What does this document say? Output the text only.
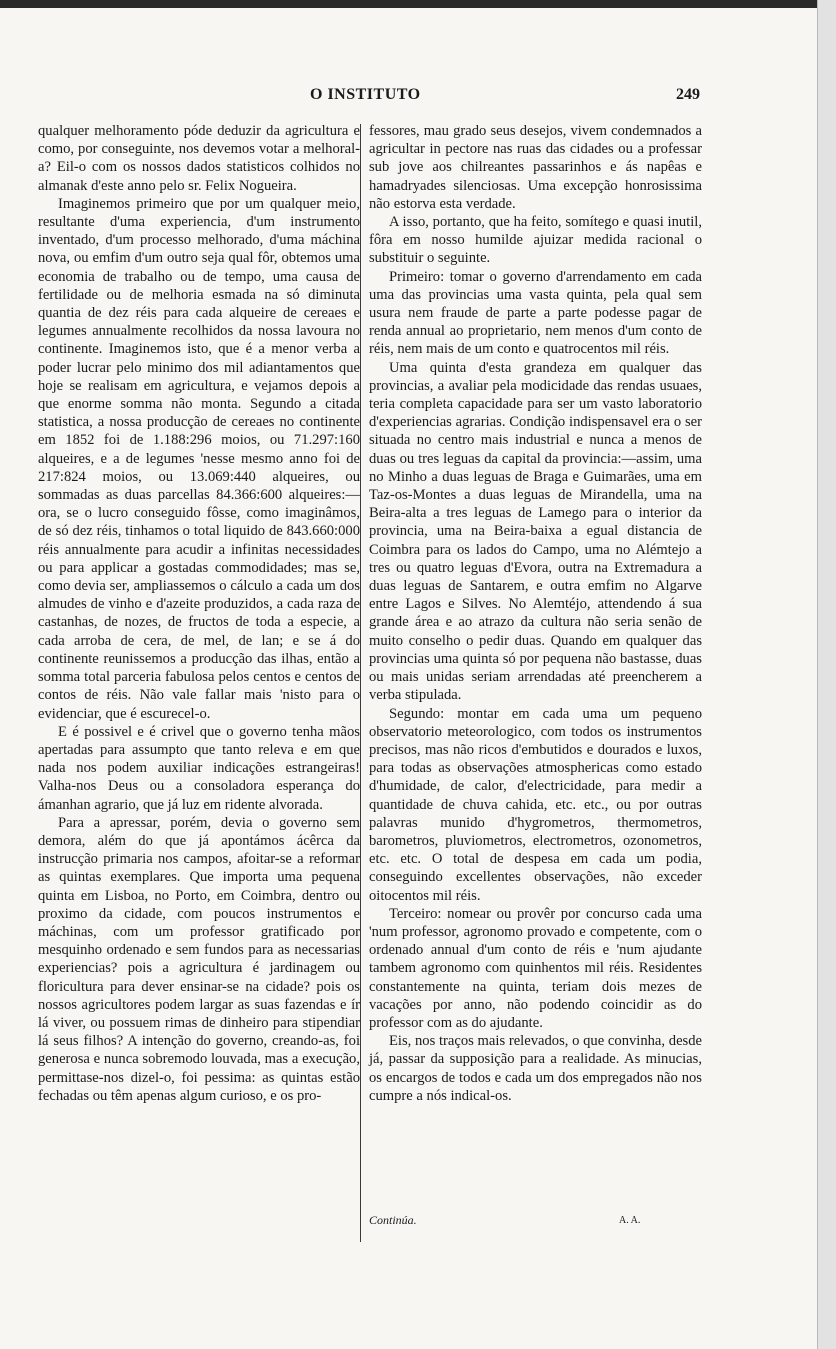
O INSTITUTO	249

qualquer melhoramento póde deduzir da agricultura e como, por conseguinte, nos devemos votar a melhoral-a? Eil-o com os nossos dados statisticos colhidos no almanak d'este anno pelo sr. Felix Nogueira.

Imaginemos primeiro que por um qualquer meio, resultante d'uma experiencia, d'um instrumento inventado, d'um processo melhorado, d'uma máchina nova, ou emfim d'um outro seja qual fôr, obtemos uma economia de trabalho ou de tempo, uma causa de fertilidade ou de melhoria esmada na só diminuta quantia de dez réis para cada alqueire de cereaes e legumes annualmente recolhidos da nossa lavoura no continente. Imaginemos isto, que é a menor verba a poder lucrar pelo minimo dos mil adiantamentos que hoje se realisam em agricultura, e vejamos depois a que enorme somma não monta. Segundo a citada statistica, a nossa producção de cereaes no continente em 1852 foi de 1.188:296 moios, ou 71.297:160 alqueires, e a de legumes 'nesse mesmo anno foi de 217:824 moios, ou 13.069:440 alqueires, ou sommadas as duas parcellas 84.366:600 alqueires:—ora, se o lucro conseguido fôsse, como imaginâmos, de só dez réis, tinhamos o total liquido de 843.660:000 réis annualmente para acudir a infinitas necessidades ou para applicar a gostadas commodidades; mas se, como devia ser, ampliassemos o cálculo a cada um dos almudes de vinho e d'azeite produzidos, a cada raza de castanhas, de nozes, de fructos de toda a especie, a cada arroba de cera, de mel, de lan; e se á do continente reunissemos a producção das ilhas, então a somma total parceria fabulosa pelos centos e centos de contos de réis. Não vale fallar mais 'nisto para o evidenciar, que é escurecel-o.

E é possivel e é crivel que o governo tenha mãos apertadas para assumpto que tanto releva e em que nada nos podem auxiliar indicações estrangeiras! Valha-nos Deus ou a consoladora esperança do ámanhan agrario, que já luz em ridente alvorada.

Para a apressar, porém, devia o governo sem demora, além do que já apontámos ácêrca da instrucção primaria nos campos, afoitar-se a reformar as quintas exemplares. Que importa uma pequena quinta em Lisboa, no Porto, em Coimbra, dentro ou proximo da cidade, com poucos instrumentos e máchinas, com um professor gratificado por mesquinho ordenado e sem fundos para as necessarias experiencias? pois a agricultura é jardinagem ou floricultura para dever ensinar-se na cidade? pois os nossos agricultores podem largar as suas fazendas e ír lá viver, ou possuem rimas de dinheiro para stipendiar lá seus filhos? A intenção do governo, creando-as, foi generosa e nunca sobremodo louvada, mas a execução, permittase-nos dizel-o, foi pessima: as quintas estão fechadas ou têm apenas algum curioso, e os pro-

fessores, mau grado seus desejos, vivem condemnados a agricultar in pectore nas ruas das cidades ou a professar sub jove aos chilreantes passarinhos e ás napêas e hamadryades silenciosas. Uma excepção honrosissima não estorva esta verdade.

A isso, portanto, que ha feito, somítego e quasi inutil, fôra em nosso humilde ajuizar medida racional o substituir o seguinte.

Primeiro: tomar o governo d'arrendamento em cada uma das provincias uma vasta quinta, pela qual sem usura nem fraude de parte a parte podesse pagar de renda annual ao proprietario, nem menos d'um conto de réis, nem mais de um conto e quatrocentos mil réis.

Uma quinta d'esta grandeza em qualquer das provincias, a avaliar pela modicidade das rendas usuaes, teria completa capacidade para ser um vasto laboratorio d'experiencias agrarias. Condição indispensavel era o ser situada no centro mais industrial e nunca a menos de duas ou tres leguas da capital da provincia:—assim, uma no Minho a duas leguas de Braga e Guimarães, uma em Taz-os-Montes a duas leguas de Mirandella, uma na Beira-alta a tres leguas de Lamego para o interior da provincia, uma na Beira-baixa a egual distancia de Coimbra para os lados do Campo, uma no Alémtejo a tres ou quatro leguas d'Evora, outra na Extremadura a duas leguas de Santarem, e outra emfim no Algarve entre Lagos e Silves. No Alemtéjo, attendendo á sua grande área e ao atrazo da cultura não seria senão de muito conselho o pedir duas. Quando em qualquer das provincias uma quinta só por pequena não bastasse, duas ou mais unidas seriam arrendadas até preencherem a verba stipulada.

Segundo: montar em cada uma um pequeno observatorio meteorologico, com todos os instrumentos precisos, mas não ricos d'embutidos e dourados e luxos, para todas as observações atmosphericas como estado d'humidade, de calor, d'electricidade, para medir a quantidade de chuva cahida, etc. etc., ou por outras palavras munido d'hygrometros, thermometros, barometros, pluviometros, electrometros, ozonometros, etc. etc. O total de despesa em cada um podia, conseguindo excellentes observações, não exceder oitocentos mil réis.

Terceiro: nomear ou provêr por concurso cada uma 'num professor, agronomo provado e competente, com o ordenado annual d'um conto de réis e 'num ajudante tambem agronomo com quinhentos mil réis. Residentes constantemente na quinta, teriam dois mezes de vacações por anno, não podendo coincidir as do professor com as do ajudante.

Eis, nos traços mais relevados, o que convinha, desde já, passar da supposição para a realidade. As minucias, os encargos de todos e cada um dos empregados não nos cumpre a nós indical-os.

Continúa.	A. A.
